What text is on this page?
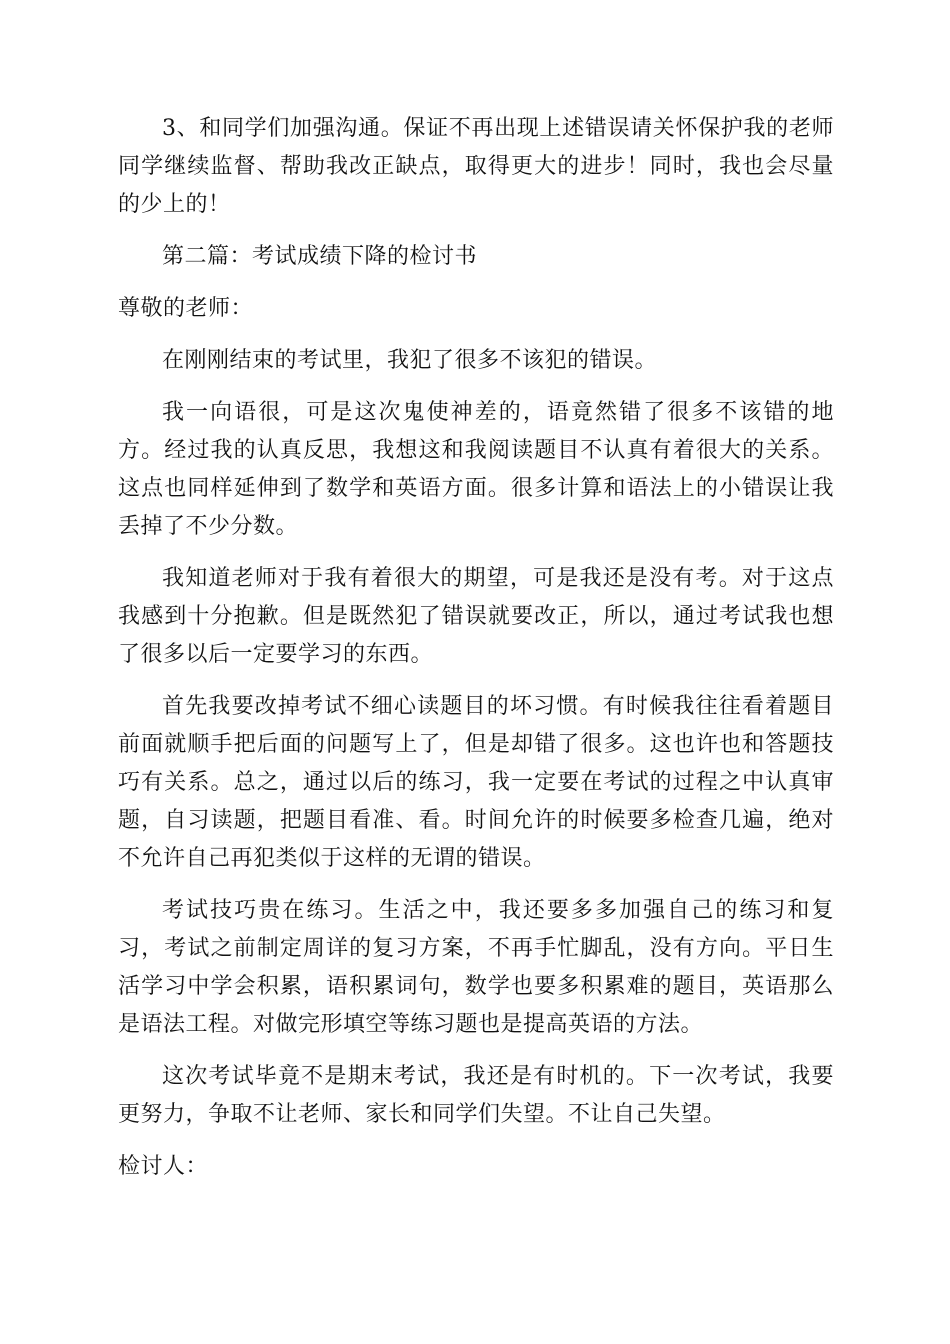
3、和同学们加强沟通。保证不再出现上述错误请关怀保护我的老师同学继续监督、帮助我改正缺点，取得更大的进步！同时，我也会尽量的少上的！

第二篇：考试成绩下降的检讨书

尊敬的老师：

在刚刚结束的考试里，我犯了很多不该犯的错误。

我一向语很，可是这次鬼使神差的，语竟然错了很多不该错的地方。经过我的认真反思，我想这和我阅读题目不认真有着很大的关系。这点也同样延伸到了数学和英语方面。很多计算和语法上的小错误让我丢掉了不少分数。

我知道老师对于我有着很大的期望，可是我还是没有考。对于这点我感到十分抱歉。但是既然犯了错误就要改正，所以，通过考试我也想了很多以后一定要学习的东西。

首先我要改掉考试不细心读题目的坏习惯。有时候我往往看着题目前面就顺手把后面的问题写上了，但是却错了很多。这也许也和答题技巧有关系。总之，通过以后的练习，我一定要在考试的过程之中认真审题，自习读题，把题目看准、看。时间允许的时候要多检查几遍，绝对不允许自己再犯类似于这样的无谓的错误。

考试技巧贵在练习。生活之中，我还要多多加强自己的练习和复习，考试之前制定周详的复习方案，不再手忙脚乱，没有方向。平日生活学习中学会积累，语积累词句，数学也要多积累难的题目，英语那么是语法工程。对做完形填空等练习题也是提高英语的方法。

这次考试毕竟不是期末考试，我还是有时机的。下一次考试，我要更努力，争取不让老师、家长和同学们失望。不让自己失望。

检讨人：
